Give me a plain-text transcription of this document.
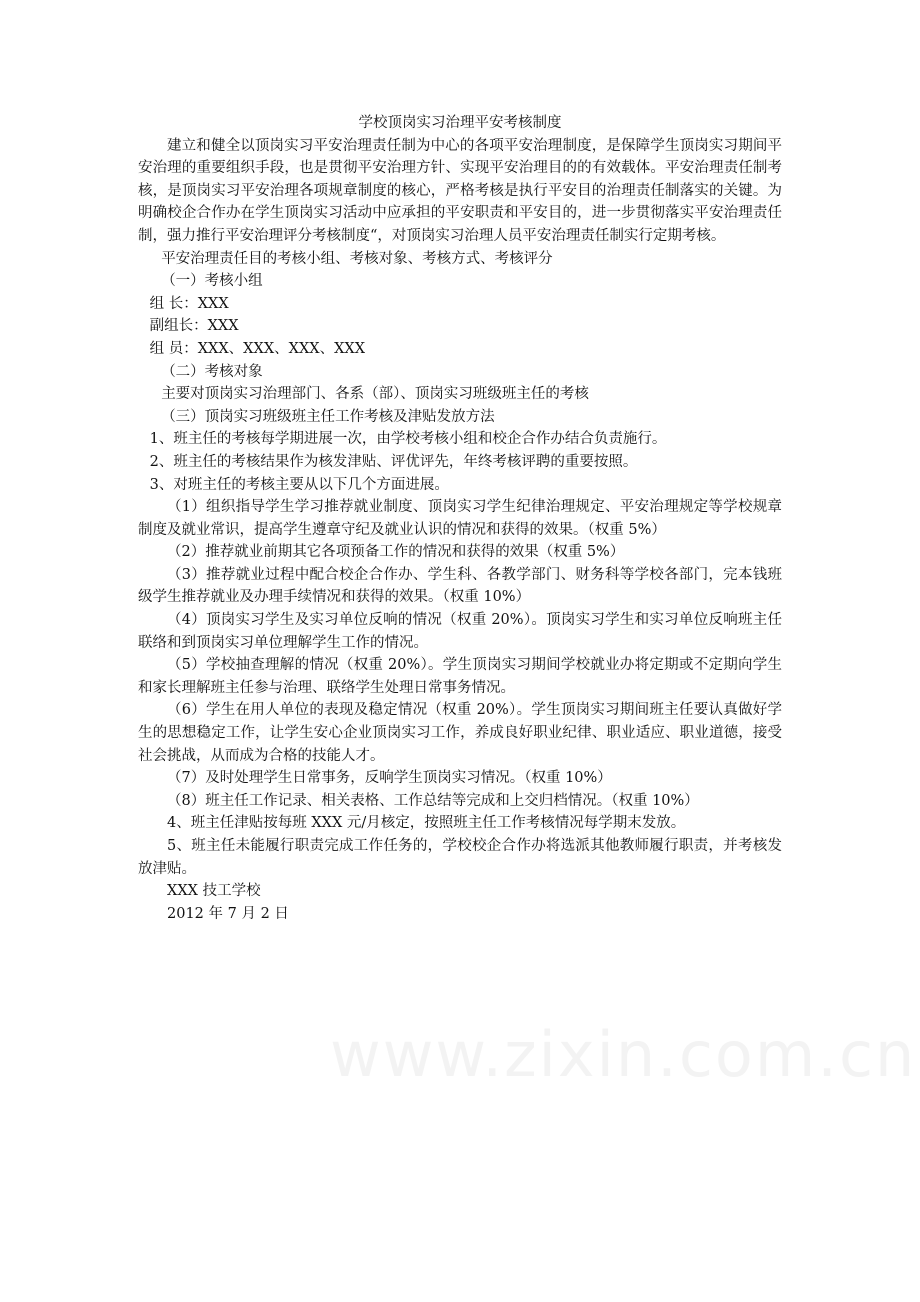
www.zixin.com.cn
学校顶岗实习治理平安考核制度

建立和健全以顶岗实习平安治理责任制为中心的各项平安治理制度，是保障学生顶岗实习期间平安治理的重要组织手段，也是贯彻平安治理方针、实现平安治理目的的有效载体。平安治理责任制考核，是顶岗实习平安治理各项规章制度的核心，严格考核是执行平安目的治理责任制落实的关键。为明确校企合作办在学生顶岗实习活动中应承担的平安职责和平安目的，进一步贯彻落实平安治理责任制，强力推行平安治理评分考核制度“，对顶岗实习治理人员平安治理责任制实行定期考核。

平安治理责任目的考核小组、考核对象、考核方式、考核评分

（一）考核小组

组 长：XXX

副组长：XXX

组 员：XXX、XXX、XXX、XXX

（二）考核对象

主要对顶岗实习治理部门、各系（部）、顶岗实习班级班主任的考核

（三）顶岗实习班级班主任工作考核及津贴发放方法

1、班主任的考核每学期进展一次，由学校考核小组和校企合作办结合负责施行。

2、班主任的考核结果作为核发津贴、评优评先，年终考核评聘的重要按照。

3、对班主任的考核主要从以下几个方面进展。

（1）组织指导学生学习推荐就业制度、顶岗实习学生纪律治理规定、平安治理规定等学校规章制度及就业常识，提高学生遵章守纪及就业认识的情况和获得的效果。（权重 5%）

（2）推荐就业前期其它各项预备工作的情况和获得的效果（权重 5%）

（3）推荐就业过程中配合校企合作办、学生科、各教学部门、财务科等学校各部门，完本钱班级学生推荐就业及办理手续情况和获得的效果。（权重 10%）

（4）顶岗实习学生及实习单位反响的情况（权重 20%）。顶岗实习学生和实习单位反响班主任联络和到顶岗实习单位理解学生工作的情况。

（5）学校抽查理解的情况（权重 20%）。学生顶岗实习期间学校就业办将定期或不定期向学生和家长理解班主任参与治理、联络学生处理日常事务情况。

（6）学生在用人单位的表现及稳定情况（权重 20%）。学生顶岗实习期间班主任要认真做好学生的思想稳定工作，让学生安心企业顶岗实习工作，养成良好职业纪律、职业适应、职业道德，接受社会挑战，从而成为合格的技能人才。

（7）及时处理学生日常事务，反响学生顶岗实习情况。（权重 10%）

（8）班主任工作记录、相关表格、工作总结等完成和上交归档情况。（权重 10%）

4、班主任津贴按每班 XXX 元/月核定，按照班主任工作考核情况每学期末发放。

5、班主任未能履行职责完成工作任务的，学校校企合作办将选派其他教师履行职责，并考核发放津贴。

XXX 技工学校

2012 年 7 月 2 日
